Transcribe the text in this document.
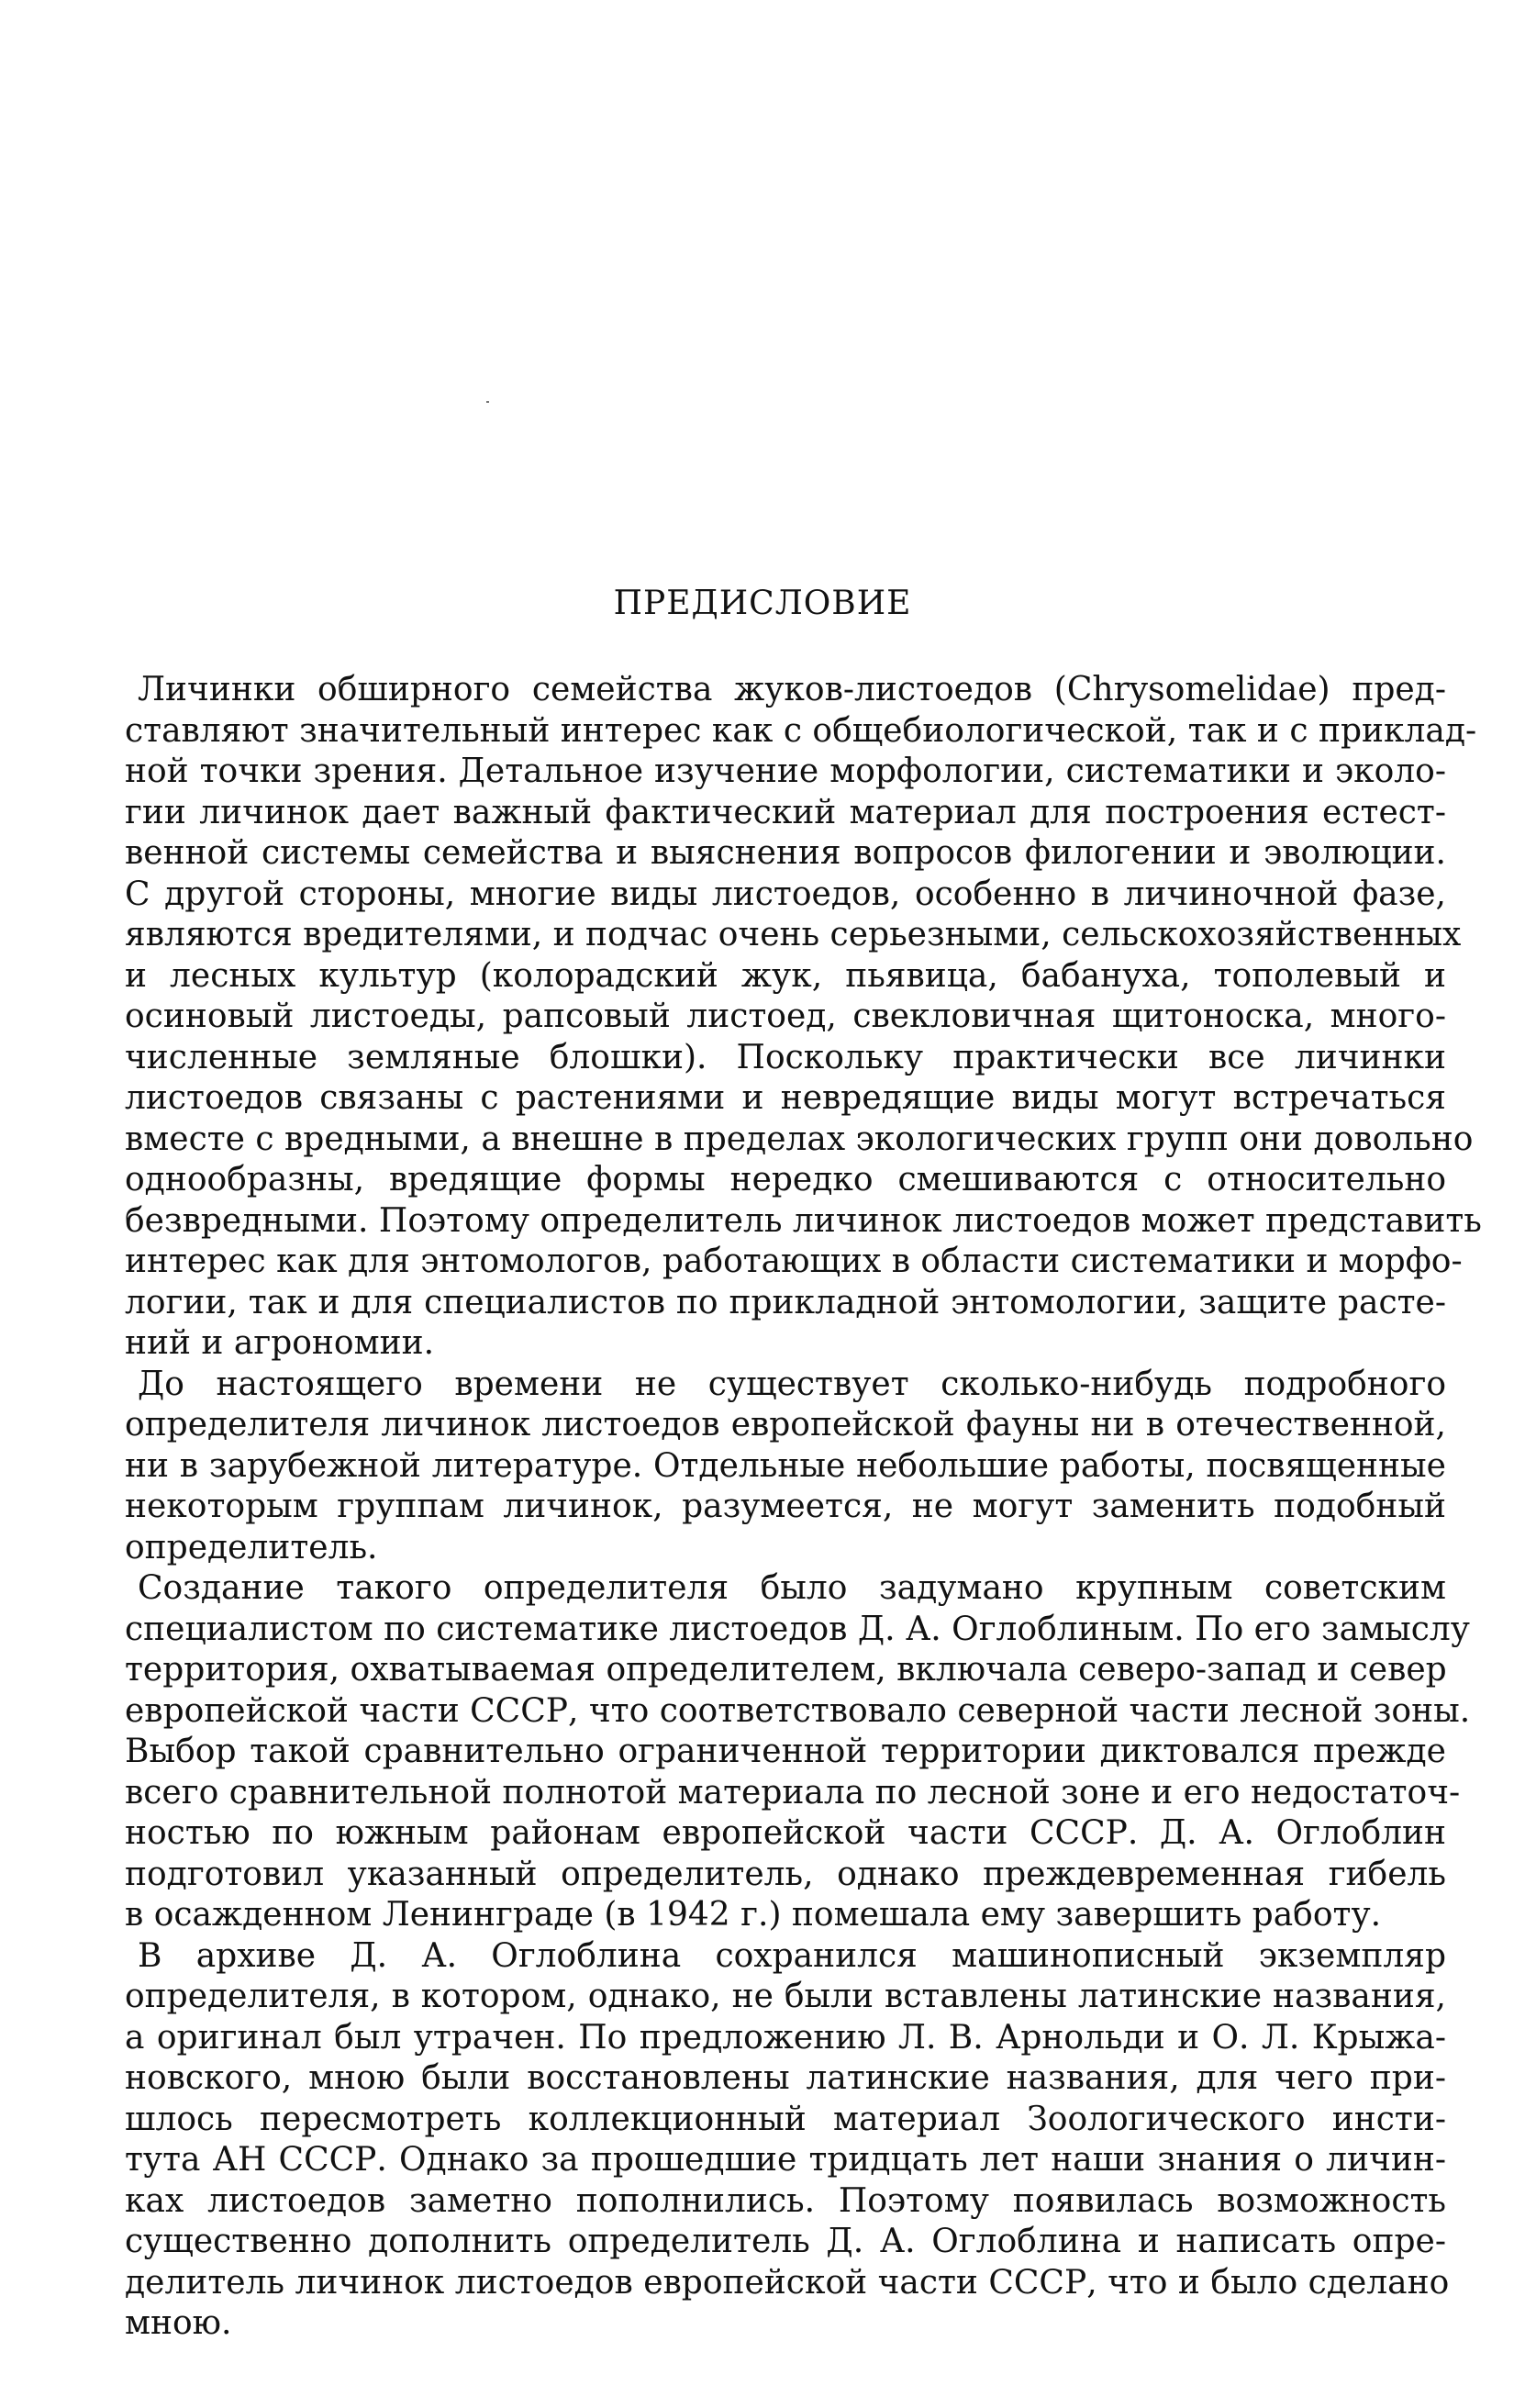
ПРЕДИСЛОВИЕ

Личинки обширного семейства жуков-листоедов (Chrysomelidae) пред-
ставляют значительный интерес как с общебиологической, так и с приклад-
ной точки зрения. Детальное изучение морфологии, систематики и эколо-
гии личинок дает важный фактический материал для построения естест-
венной системы семейства и выяснения вопросов филогении и эволюции.
С другой стороны, многие виды листоедов, особенно в личиночной фазе,
являются вредителями, и подчас очень серьезными, сельскохозяйственных
и лесных культур (колорадский жук, пьявица, бабануха, тополевый и
осиновый листоеды, рапсовый листоед, свекловичная щитоноска, много-
численные земляные блошки). Поскольку практически все личинки
листоедов связаны с растениями и невредящие виды могут встречаться
вместе с вредными, а внешне в пределах экологических групп они довольно
однообразны, вредящие формы нередко смешиваются с относительно
безвредными. Поэтому определитель личинок листоедов может представить
интерес как для энтомологов, работающих в области систематики и морфо-
логии, так и для специалистов по прикладной энтомологии, защите расте-
ний и агрономии.

До настоящего времени не существует сколько-нибудь подробного
определителя личинок листоедов европейской фауны ни в отечественной,
ни в зарубежной литературе. Отдельные небольшие работы, посвященные
некоторым группам личинок, разумеется, не могут заменить подобный
определитель.

Создание такого определителя было задумано крупным советским
специалистом по систематике листоедов Д. А. Оглоблиным. По его замыслу
территория, охватываемая определителем, включала северо-запад и север
европейской части СССР, что соответствовало северной части лесной зоны.
Выбор такой сравнительно ограниченной территории диктовался прежде
всего сравнительной полнотой материала по лесной зоне и его недостаточ-
ностью по южным районам европейской части СССР. Д. А. Оглоблин
подготовил указанный определитель, однако преждевременная гибель
в осажденном Ленинграде (в 1942 г.) помешала ему завершить работу.

В архиве Д. А. Оглоблина сохранился машинописный экземпляр
определителя, в котором, однако, не были вставлены латинские названия,
а оригинал был утрачен. По предложению Л. В. Арнольди и О. Л. Крыжа-
новского, мною были восстановлены латинские названия, для чего при-
шлось пересмотреть коллекционный материал Зоологического инсти-
тута АН СССР. Однако за прошедшие тридцать лет наши знания о личин-
ках листоедов заметно пополнились. Поэтому появилась возможность
существенно дополнить определитель Д. А. Оглоблина и написать опре-
делитель личинок листоедов европейской части СССР, что и было сделано
мною.
